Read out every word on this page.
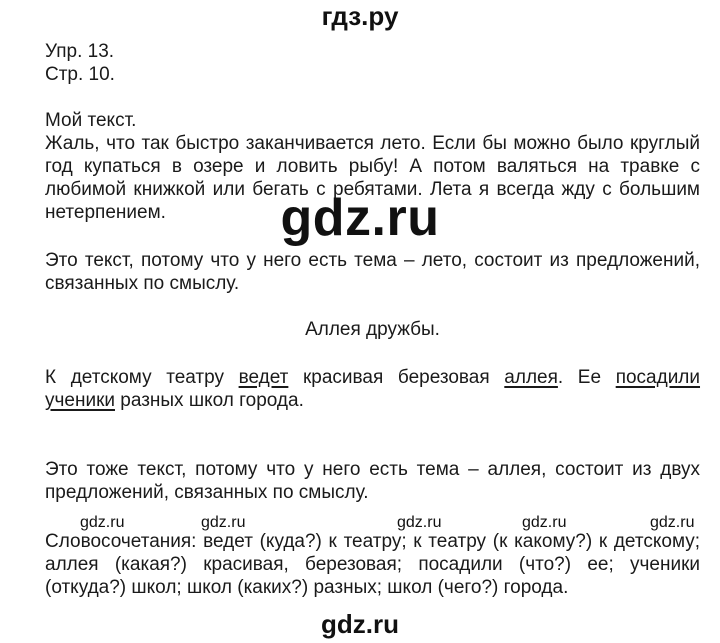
гдз.ру

Упр. 13.

Стр. 10.

Мой текст.

Жаль, что так быстро заканчивается лето. Если бы можно было круглый год купаться в озере и ловить рыбу! А потом валяться на травке с любимой книжкой или бегать с ребятами. Лета я всегда жду с большим нетерпением.	gdz.ru

Это текст, потому что у него есть тема – лето, состоит из предложений, связанных по смыслу.

Аллея дружбы.

К детскому театру ведет красивая березовая аллея. Ее посадили ученики разных школ города.

Это тоже текст, потому что у него есть тема – аллея, состоит из двух предложений, связанных по смыслу.

gdz.ru	gdz.ru	gdz.ru	gdz.ru	gdz.ru

Словосочетания: ведет (куда?) к театру; к театру (к какому?) к детскому; аллея (какая?) красивая, березовая; посадили (что?) ее; ученики (откуда?) школ; школ (каких?) разных; школ (чего?) города.

gdz.ru
